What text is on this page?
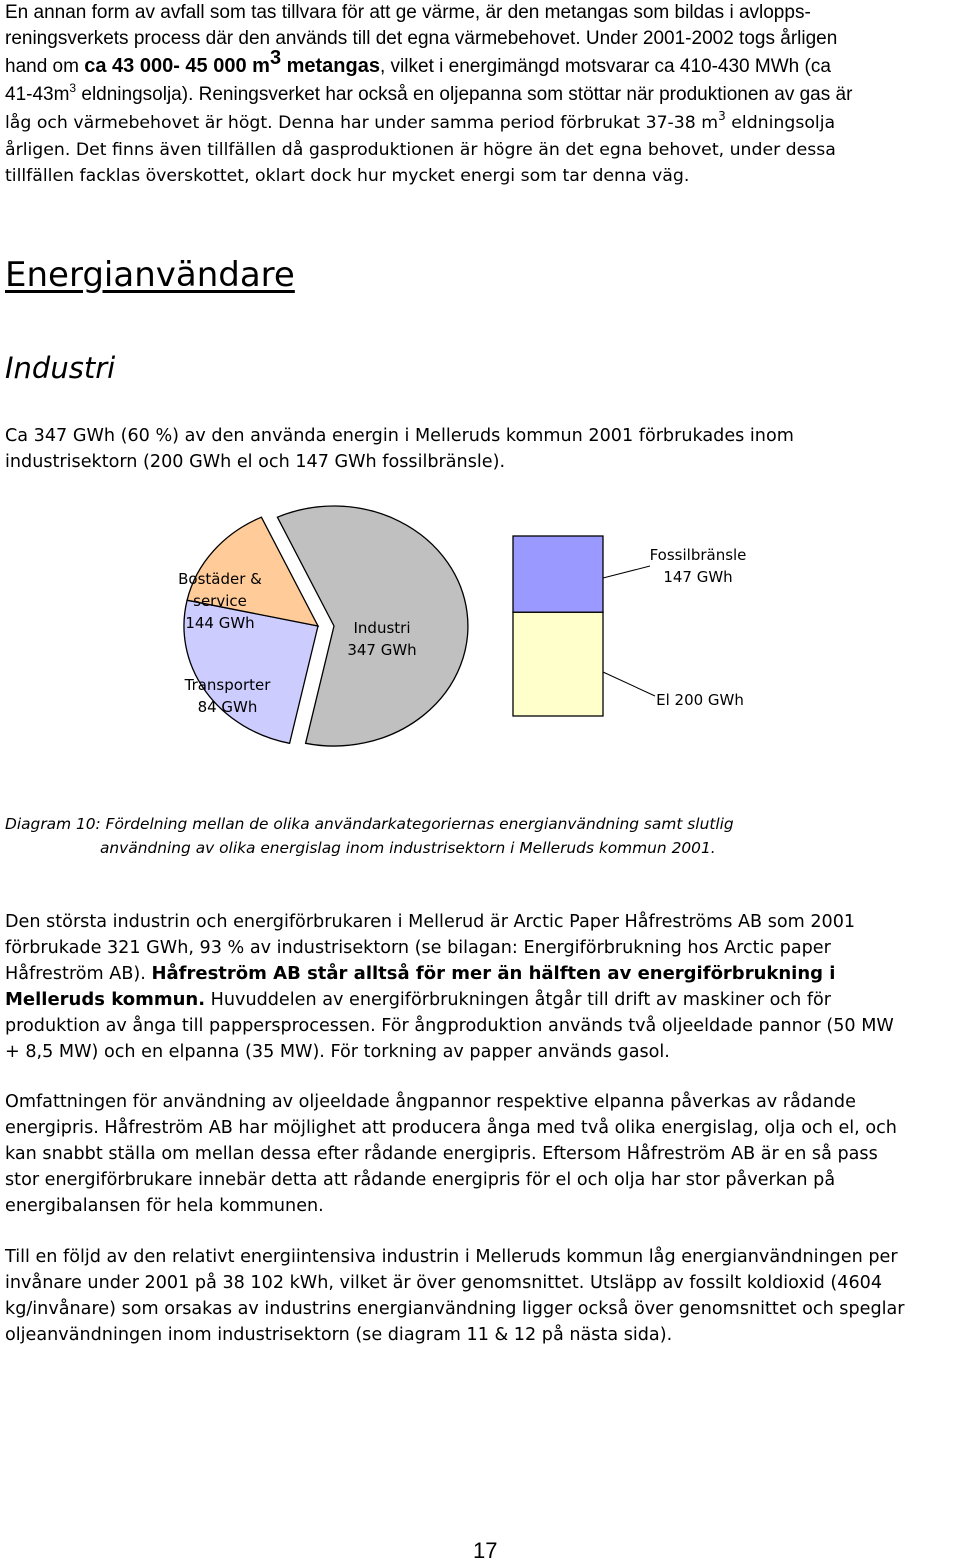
En annan form av avfall som tas tillvara för att ge värme, är den metangas som bildas i avlopps-
reningsverkets process där den används till det egna värmebehovet. Under 2001-2002 togs årligen
hand om ca 43 000- 45 000 $m^3$ metangas, vilket i energimängd motsvarar ca 410-430 MWh (ca
$41-43m^3$ eldningsolja). Reningsverket har också en oljepanna som stöttar när produktionen av gas är
låg och värmebehovet är högt. Denna har under samma period förbrukat 37-38 $m^3$ eldningsolja
årligen. Det finns även tillfällen då gasproduktionen är högre än det egna behovet, under dessa
tillfällen facklas överskottet, oklart dock hur mycket energi som tar denna väg.
Energianvändare
Industri
Ca 347 GWh (60 %) av den använda energin i Melleruds kommun 2001 förbrukades inom
industrisektorn (200 GWh el och 147 GWh fossilbränsle).
Bostäder &
service
144 GWh
Transporter
84 GWh
Industri
347 GWh
Fossilbränsle
147 GWh
El 200 GWh
Diagram 10: Fördelning mellan de olika användarkategoriernas energianvändning samt slutlig
användning av olika energislag inom industrisektorn i Melleruds kommun 2001.
Den största industrin och energiförbrukaren i Mellerud är Arctic Paper Håfreströms AB som 2001
förbrukade 321 GWh, 93 % av industrisektorn (se bilagan: Energiförbrukning hos Arctic paper
Håfreström AB). Håfreström AB står alltså för mer än hälften av energiförbrukning i
Melleruds kommun. Huvuddelen av energiförbrukningen åtgår till drift av maskiner och för
produktion av ånga till pappersprocessen. För ångproduktion används två oljeeldade pannor (50 MW
+ 8,5 MW) och en elpanna (35 MW). För torkning av papper används gasol.
Omfattningen för användning av oljeeldade ångpannor respektive elpanna påverkas av rådande
energipris. Håfreström AB har möjlighet att producera ånga med två olika energislag, olja och el, och
kan snabbt ställa om mellan dessa efter rådande energipris. Eftersom Håfreström AB är en så pass
stor energiförbrukare innebär detta att rådande energipris för el och olja har stor påverkan på
energibalansen för hela kommunen.
Till en följd av den relativt energiintensiva industrin i Melleruds kommun låg energianvändningen per
invånare under 2001 på 38 102 kWh, vilket är över genomsnittet. Utsläpp av fossilt koldioxid (4604
kg/invånare) som orsakas av industrins energianvändning ligger också över genomsnittet och speglar
oljeanvändningen inom industrisektorn (se diagram 11 & 12 på nästa sida).
17
